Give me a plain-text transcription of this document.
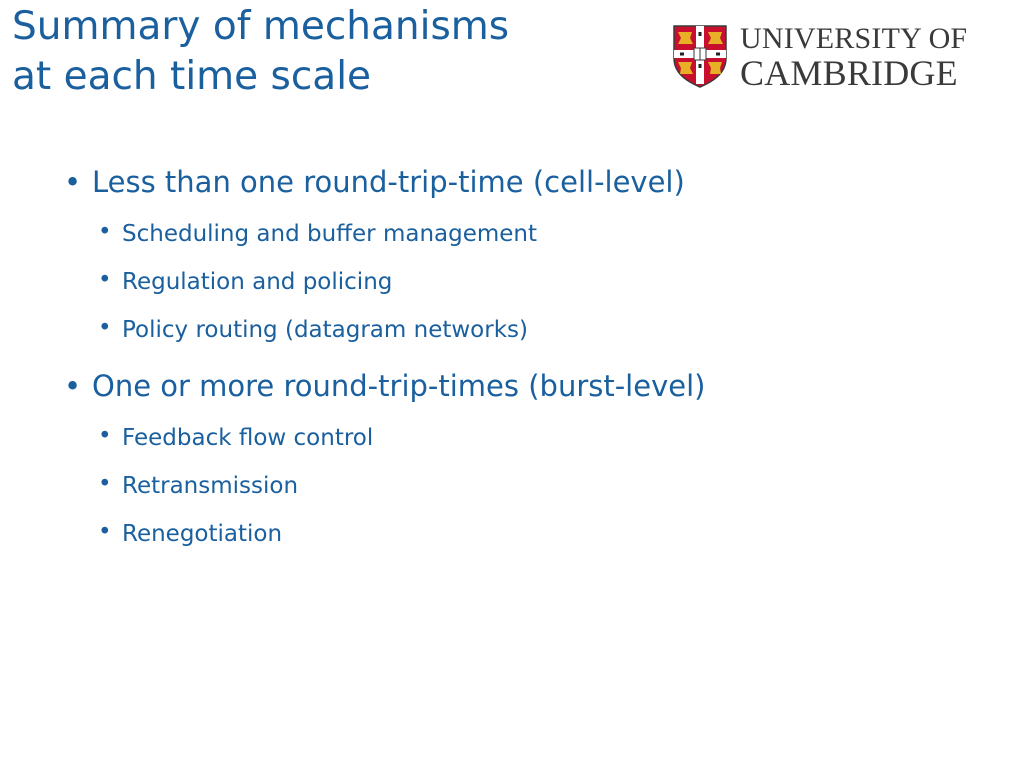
Summary of mechanisms
at each time scale
UNIVERSITY OF
CAMBRIDGE
• Less than one round-trip-time (cell-level)
• Scheduling and buffer management
• Regulation and policing
• Policy routing (datagram networks)
• One or more round-trip-times (burst-level)
• Feedback flow control
• Retransmission
• Renegotiation
